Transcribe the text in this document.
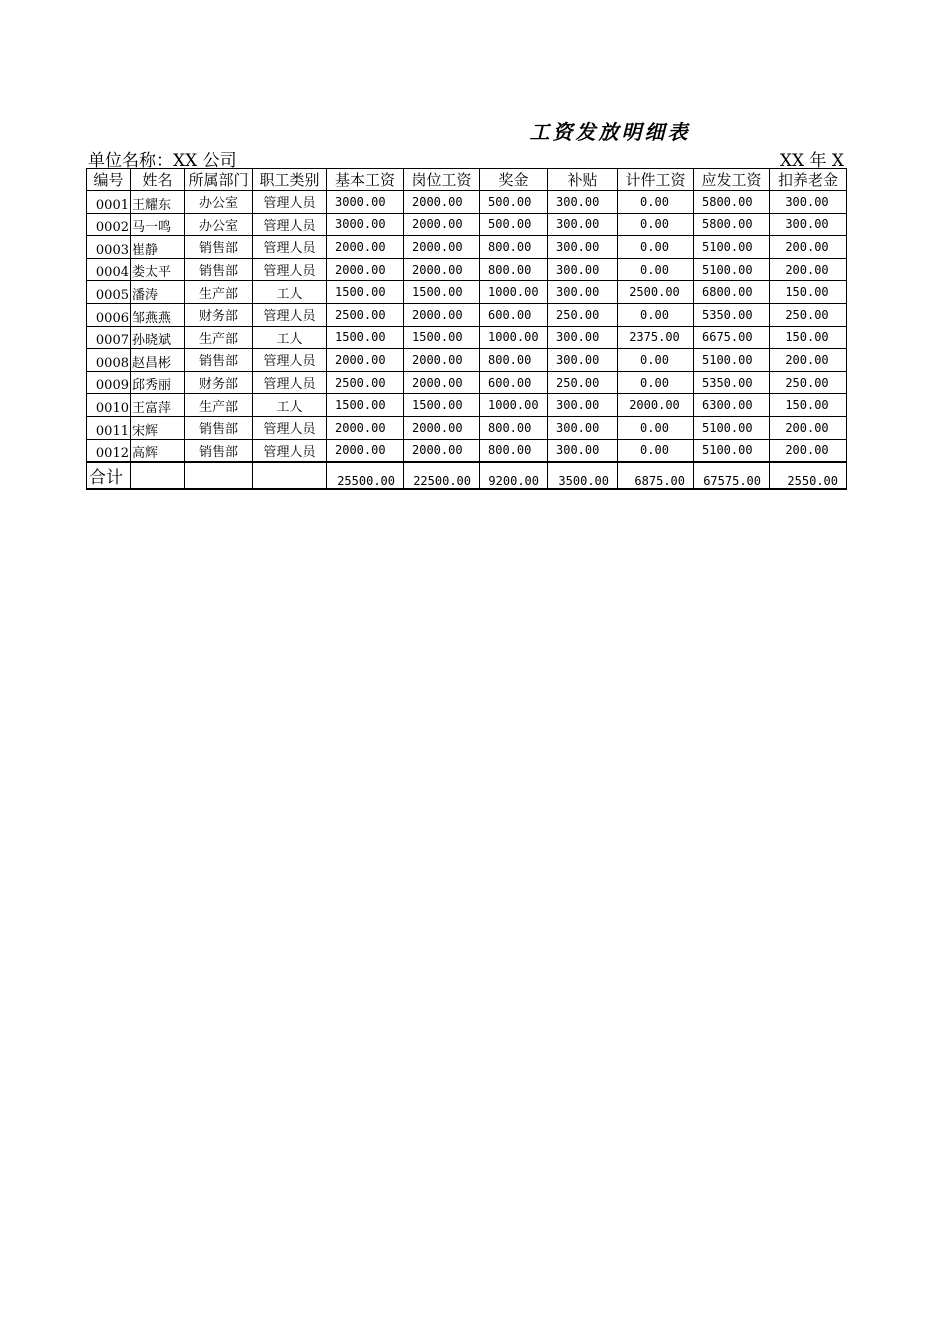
工资发放明细表
单位名称：XX 公司	XX 年 X
编号	姓名	所属部门	职工类别	基本工资	岗位工资	奖金	补贴	计件工资	应发工资	扣养老金
0001	王耀东	办公室	管理人员	3000.00	2000.00	500.00	300.00	0.00	5800.00	300.00
0002	马一鸣	办公室	管理人员	3000.00	2000.00	500.00	300.00	0.00	5800.00	300.00
0003	崔静	销售部	管理人员	2000.00	2000.00	800.00	300.00	0.00	5100.00	200.00
0004	娄太平	销售部	管理人员	2000.00	2000.00	800.00	300.00	0.00	5100.00	200.00
0005	潘涛	生产部	工人	1500.00	1500.00	1000.00	300.00	2500.00	6800.00	150.00
0006	邹燕燕	财务部	管理人员	2500.00	2000.00	600.00	250.00	0.00	5350.00	250.00
0007	孙晓斌	生产部	工人	1500.00	1500.00	1000.00	300.00	2375.00	6675.00	150.00
0008	赵昌彬	销售部	管理人员	2000.00	2000.00	800.00	300.00	0.00	5100.00	200.00
0009	邱秀丽	财务部	管理人员	2500.00	2000.00	600.00	250.00	0.00	5350.00	250.00
0010	王富萍	生产部	工人	1500.00	1500.00	1000.00	300.00	2000.00	6300.00	150.00
0011	宋辉	销售部	管理人员	2000.00	2000.00	800.00	300.00	0.00	5100.00	200.00
0012	高辉	销售部	管理人员	2000.00	2000.00	800.00	300.00	0.00	5100.00	200.00
合计				25500.00	22500.00	9200.00	3500.00	6875.00	67575.00	2550.00
